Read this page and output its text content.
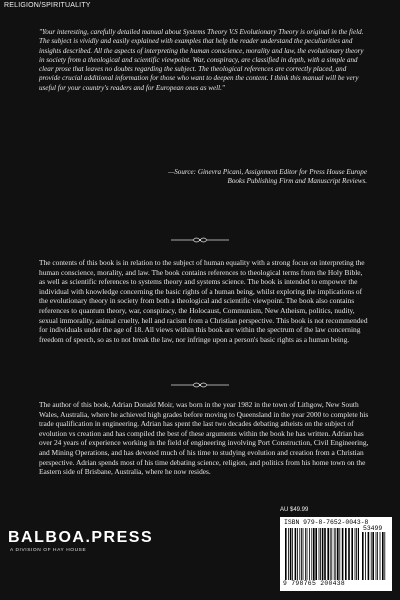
RELIGION/SPIRITUALITY

"Your interesting, carefully detailed manual about Systems Theory V.S Evolutionary Theory is original in the field. The subject is vividly and easily explained with examples that help the reader understand the peculiarities and insights described. All the aspects of interpreting the human conscience, morality and law, the evolutionary theory in society from a theological and scientific viewpoint. War, conspiracy, are classified in depth, with a simple and clear prose that leaves no doubts regarding the subject. The theological references are correctly placed, and provide crucial additional information for those who want to deepen the content. I think this manual will be very useful for your country's readers and for European ones as well."

—Source: Ginevra Picani, Assignment Editor for Press House Europe Books Publishing Firm and Manuscript Reviews.

The contents of this book is in relation to the subject of human equality with a strong focus on interpreting the human conscience, morality, and law. The book contains references to theological terms from the Holy Bible, as well as scientific references to systems theory and systems science. The book is intended to empower the individual with knowledge concerning the basic rights of a human being, whilst exploring the implications of the evolutionary theory in society from both a theological and scientific viewpoint. The book also contains references to quantum theory, war, conspiracy, the Holocaust, Communism, New Atheism, politics, nudity, sexual immorality, animal cruelty, hell and racism from a Christian perspective. This book is not recommended for individuals under the age of 18. All views within this book are within the spectrum of the law concerning freedom of speech, so as to not break the law, nor infringe upon a person's basic rights as a human being.

The author of this book, Adrian Donald Moir, was born in the year 1982 in the town of Lithgow, New South Wales, Australia, where he achieved high grades before moving to Queensland in the year 2000 to complete his trade qualification in engineering. Adrian has spent the last two decades debating atheists on the subject of evolution vs creation and has compiled the best of these arguments within the book he has written. Adrian has over 24 years of experience working in the field of engineering involving Port Construction, Civil Engineering, and Mining Operations, and has devoted much of his time to studying evolution and creation from a Christian perspective. Adrian spends most of his time debating science, religion, and politics from his home town on the Eastern side of Brisbane, Australia, where he now resides.

AU $49.99
BALBOA.PRESS
A DIVISION OF HAY HOUSE
ISBN 979-8-7652-0043-8
53499
9 798765 200438
